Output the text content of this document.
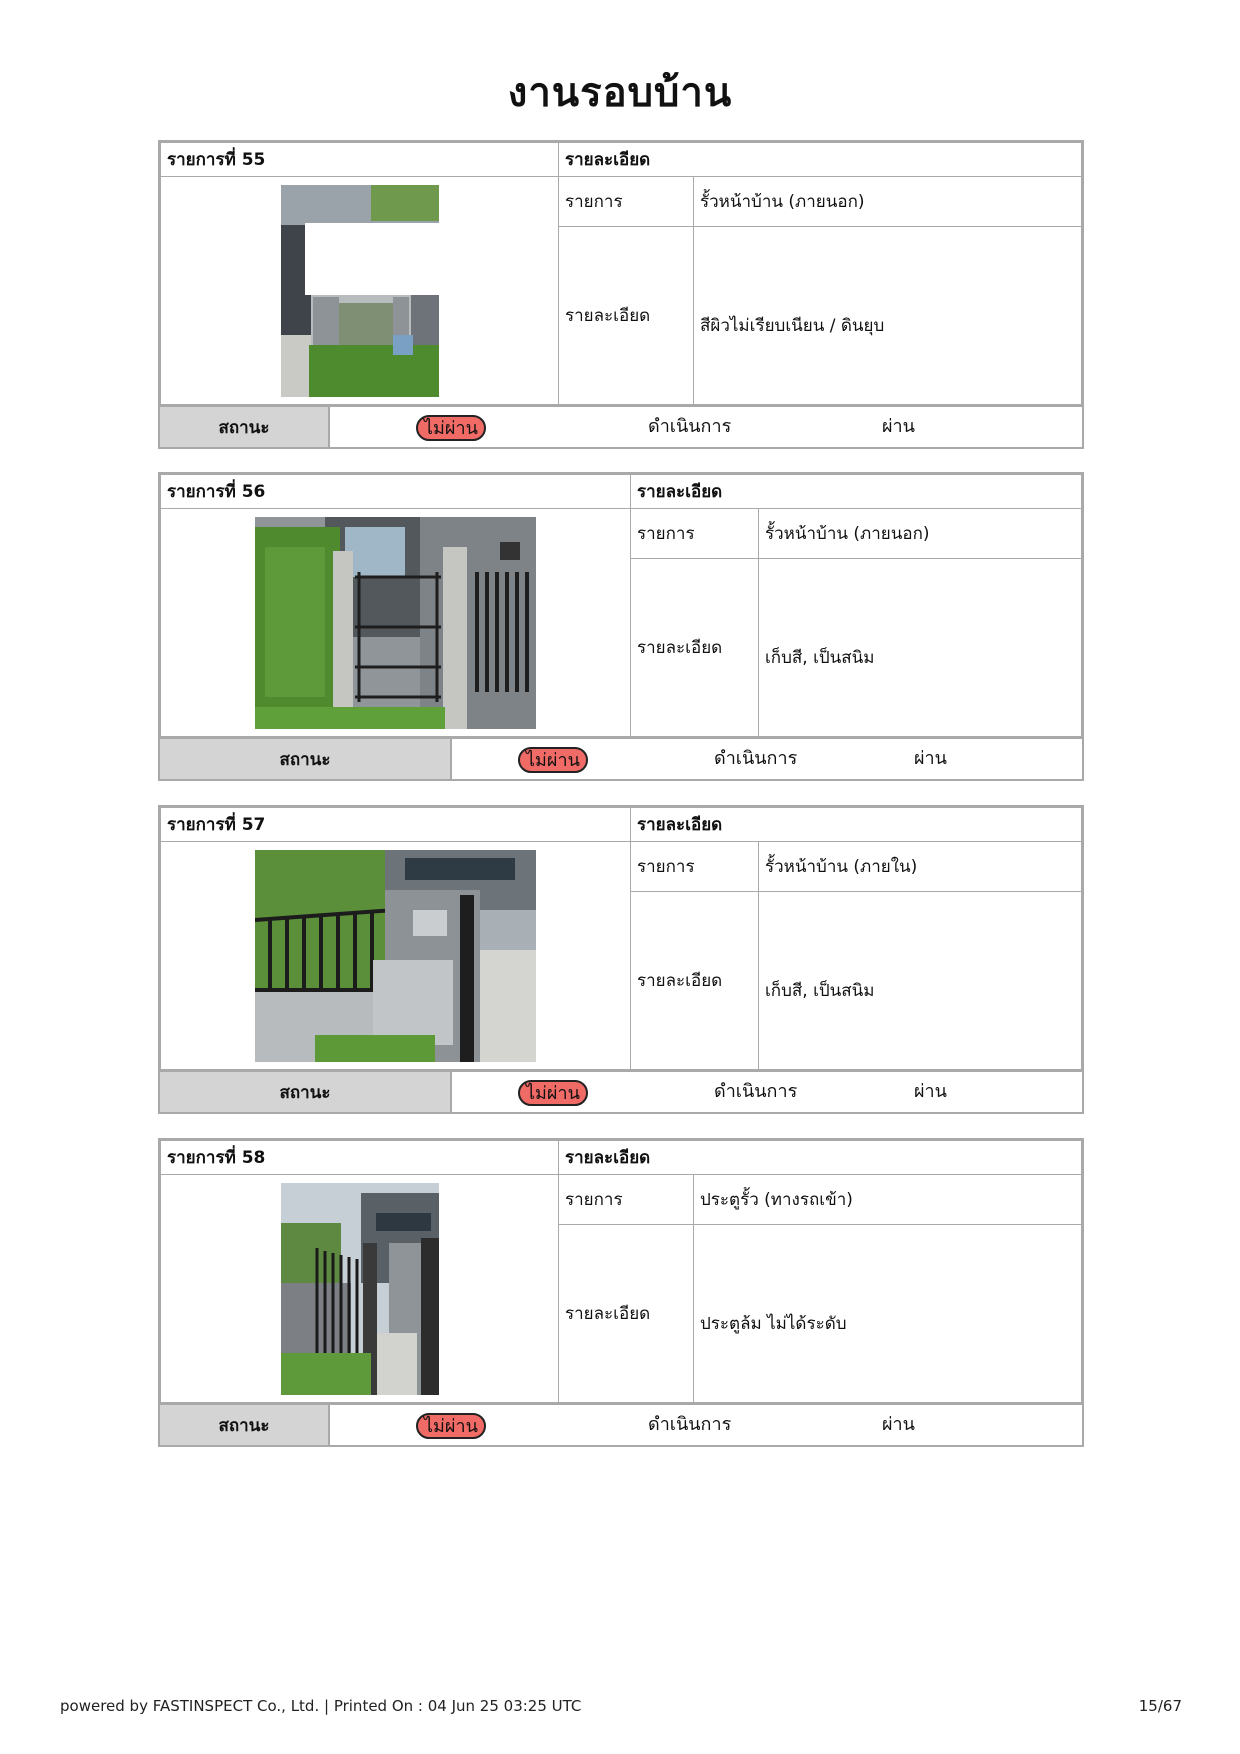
งานรอบบ้าน
รายการที่ 55	รายละเอียด	

	รายการ	รั้วหน้าบ้าน (ภายนอก)
	รายละเอียด	สีผิวไม่เรียบเนียน / ดินยุบ
สถานะ	ไม่ผ่าน	ดำเนินการ	ผ่าน
รายการที่ 56	รายละเอียด	

	รายการ	รั้วหน้าบ้าน (ภายนอก)
	รายละเอียด	เก็บสี, เป็นสนิม
สถานะ	ไม่ผ่าน	ดำเนินการ	ผ่าน
รายการที่ 57	รายละเอียด	

	รายการ	รั้วหน้าบ้าน (ภายใน)
	รายละเอียด	เก็บสี, เป็นสนิม
สถานะ	ไม่ผ่าน	ดำเนินการ	ผ่าน
รายการที่ 58	รายละเอียด	

	รายการ	ประตูรั้ว (ทางรถเข้า)
	รายละเอียด	ประตูล้ม ไม่ได้ระดับ
สถานะ	ไม่ผ่าน	ดำเนินการ	ผ่าน
powered by FASTINSPECT Co., Ltd. | Printed On : 04 Jun 25 03:25 UTC	15/67
